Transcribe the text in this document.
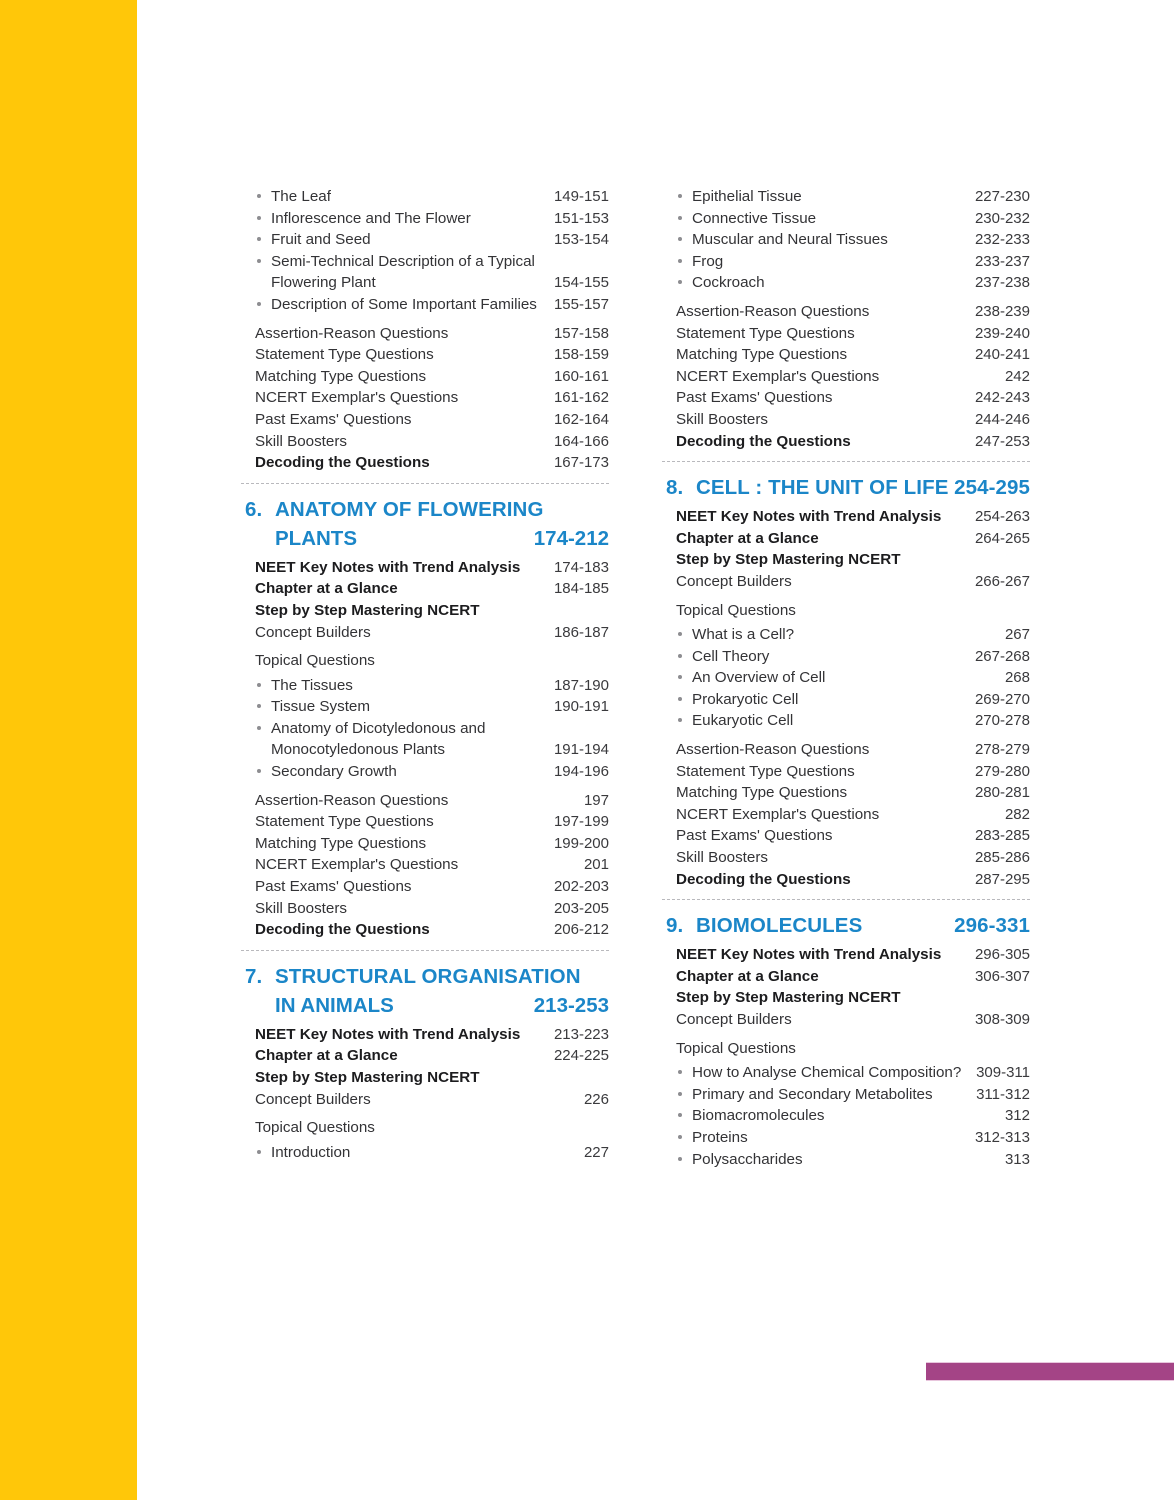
The Leaf	149-151
Inflorescence and The Flower	151-153
Fruit and Seed	153-154
Semi-Technical Description of a Typical Flowering Plant	154-155
Description of Some Important Families	155-157
Assertion-Reason Questions	157-158
Statement Type Questions	158-159
Matching Type Questions	160-161
NCERT Exemplar's Questions	161-162
Past Exams' Questions	162-164
Skill Boosters	164-166
Decoding the Questions	167-173
6. ANATOMY OF FLOWERING
PLANTS	174-212
NEET Key Notes with Trend Analysis	174-183
Chapter at a Glance	184-185
Step by Step Mastering NCERT
Concept Builders	186-187
Topical Questions
The Tissues	187-190
Tissue System	190-191
Anatomy of Dicotyledonous and Monocotyledonous Plants	191-194
Secondary Growth	194-196
Assertion-Reason Questions	197
Statement Type Questions	197-199
Matching Type Questions	199-200
NCERT Exemplar's Questions	201
Past Exams' Questions	202-203
Skill Boosters	203-205
Decoding the Questions	206-212
7. STRUCTURAL ORGANISATION
IN ANIMALS	213-253
NEET Key Notes with Trend Analysis	213-223
Chapter at a Glance	224-225
Step by Step Mastering NCERT
Concept Builders	226
Topical Questions
Introduction	227
Epithelial Tissue	227-230
Connective Tissue	230-232
Muscular and Neural Tissues	232-233
Frog	233-237
Cockroach	237-238
Assertion-Reason Questions	238-239
Statement Type Questions	239-240
Matching Type Questions	240-241
NCERT Exemplar's Questions	242
Past Exams' Questions	242-243
Skill Boosters	244-246
Decoding the Questions	247-253
8. CELL : THE UNIT OF LIFE 254-295
NEET Key Notes with Trend Analysis	254-263
Chapter at a Glance	264-265
Step by Step Mastering NCERT
Concept Builders	266-267
Topical Questions
What is a Cell?	267
Cell Theory	267-268
An Overview of Cell	268
Prokaryotic Cell	269-270
Eukaryotic Cell	270-278
Assertion-Reason Questions	278-279
Statement Type Questions	279-280
Matching Type Questions	280-281
NCERT Exemplar's Questions	282
Past Exams' Questions	283-285
Skill Boosters	285-286
Decoding the Questions	287-295
9. BIOMOLECULES	296-331
NEET Key Notes with Trend Analysis	296-305
Chapter at a Glance	306-307
Step by Step Mastering NCERT
Concept Builders	308-309
Topical Questions
How to Analyse Chemical Composition? 309-311
Primary and Secondary Metabolites	311-312
Biomacromolecules	312
Proteins	312-313
Polysaccharides	313
